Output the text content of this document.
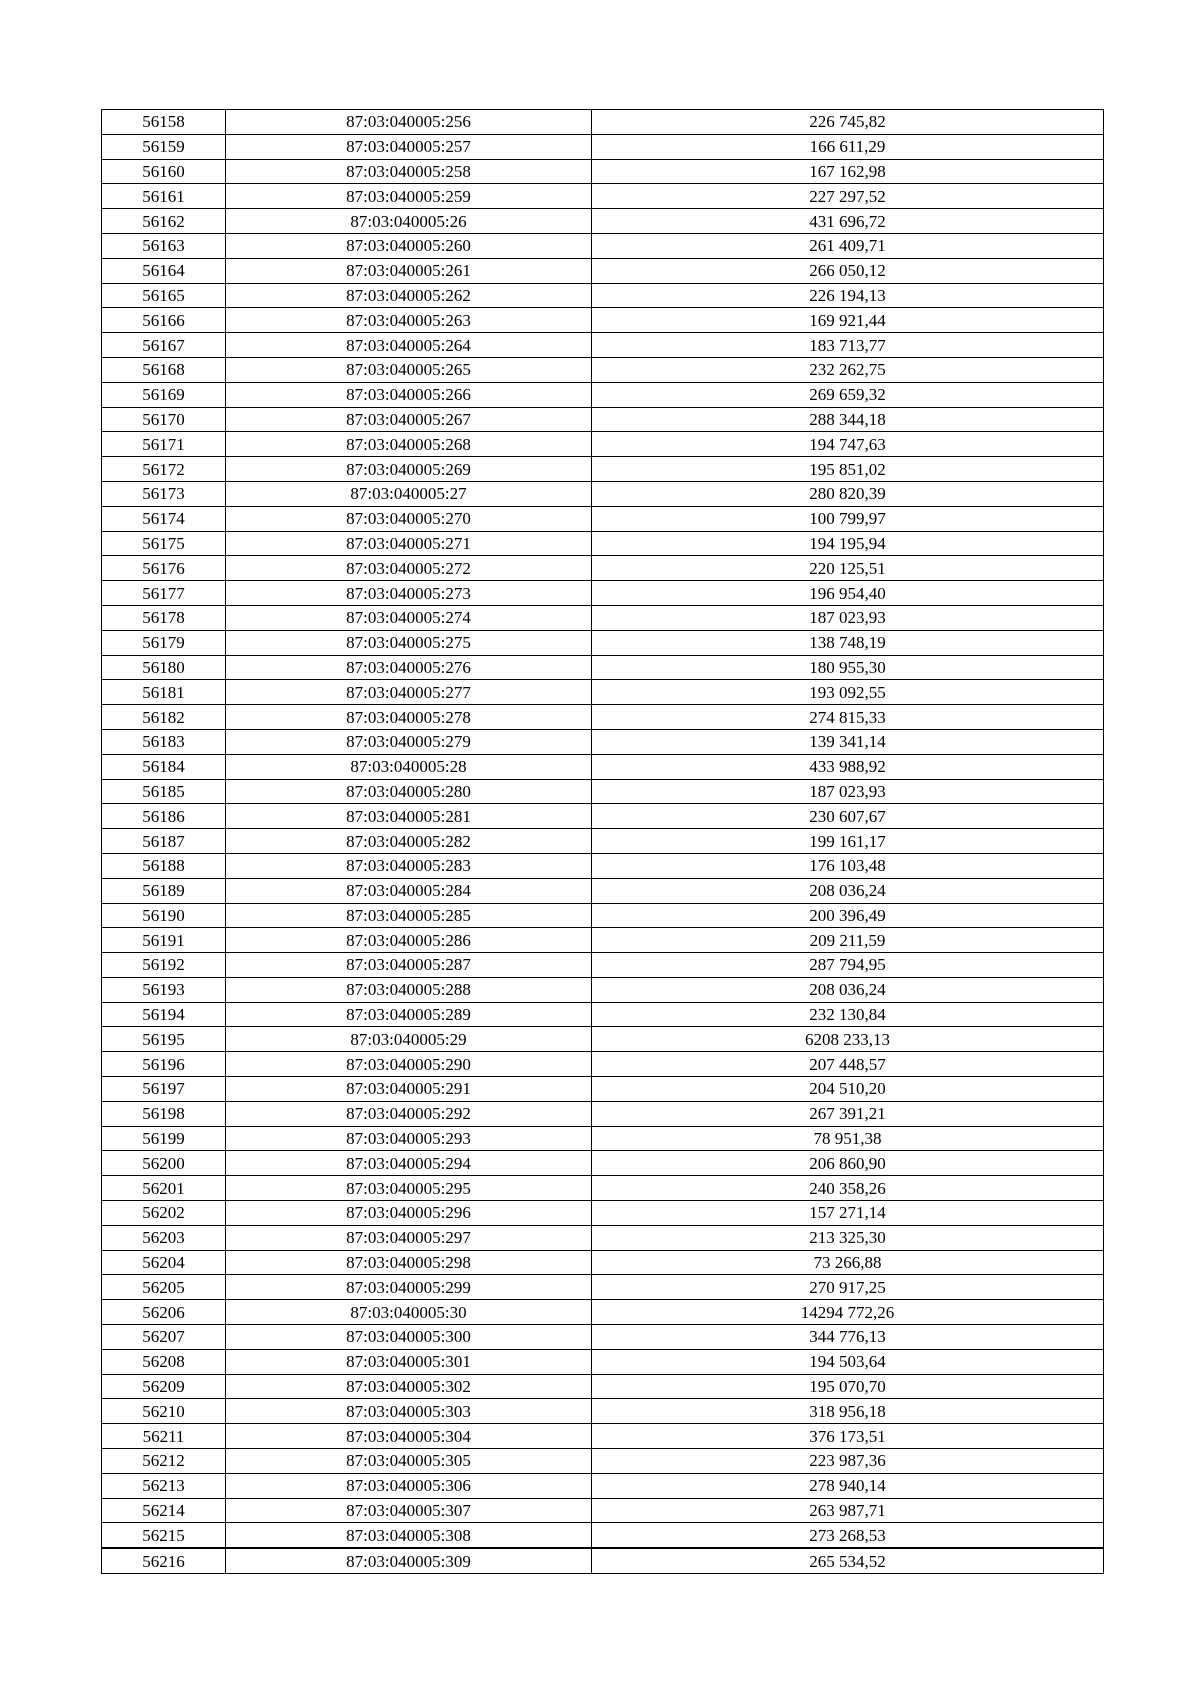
56158	87:03:040005:256	226 745,82
56159	87:03:040005:257	166 611,29
56160	87:03:040005:258	167 162,98
56161	87:03:040005:259	227 297,52
56162	87:03:040005:26	431 696,72
56163	87:03:040005:260	261 409,71
56164	87:03:040005:261	266 050,12
56165	87:03:040005:262	226 194,13
56166	87:03:040005:263	169 921,44
56167	87:03:040005:264	183 713,77
56168	87:03:040005:265	232 262,75
56169	87:03:040005:266	269 659,32
56170	87:03:040005:267	288 344,18
56171	87:03:040005:268	194 747,63
56172	87:03:040005:269	195 851,02
56173	87:03:040005:27	280 820,39
56174	87:03:040005:270	100 799,97
56175	87:03:040005:271	194 195,94
56176	87:03:040005:272	220 125,51
56177	87:03:040005:273	196 954,40
56178	87:03:040005:274	187 023,93
56179	87:03:040005:275	138 748,19
56180	87:03:040005:276	180 955,30
56181	87:03:040005:277	193 092,55
56182	87:03:040005:278	274 815,33
56183	87:03:040005:279	139 341,14
56184	87:03:040005:28	433 988,92
56185	87:03:040005:280	187 023,93
56186	87:03:040005:281	230 607,67
56187	87:03:040005:282	199 161,17
56188	87:03:040005:283	176 103,48
56189	87:03:040005:284	208 036,24
56190	87:03:040005:285	200 396,49
56191	87:03:040005:286	209 211,59
56192	87:03:040005:287	287 794,95
56193	87:03:040005:288	208 036,24
56194	87:03:040005:289	232 130,84
56195	87:03:040005:29	6208 233,13
56196	87:03:040005:290	207 448,57
56197	87:03:040005:291	204 510,20
56198	87:03:040005:292	267 391,21
56199	87:03:040005:293	78 951,38
56200	87:03:040005:294	206 860,90
56201	87:03:040005:295	240 358,26
56202	87:03:040005:296	157 271,14
56203	87:03:040005:297	213 325,30
56204	87:03:040005:298	73 266,88
56205	87:03:040005:299	270 917,25
56206	87:03:040005:30	14294 772,26
56207	87:03:040005:300	344 776,13
56208	87:03:040005:301	194 503,64
56209	87:03:040005:302	195 070,70
56210	87:03:040005:303	318 956,18
56211	87:03:040005:304	376 173,51
56212	87:03:040005:305	223 987,36
56213	87:03:040005:306	278 940,14
56214	87:03:040005:307	263 987,71
56215	87:03:040005:308	273 268,53
56216	87:03:040005:309	265 534,52
